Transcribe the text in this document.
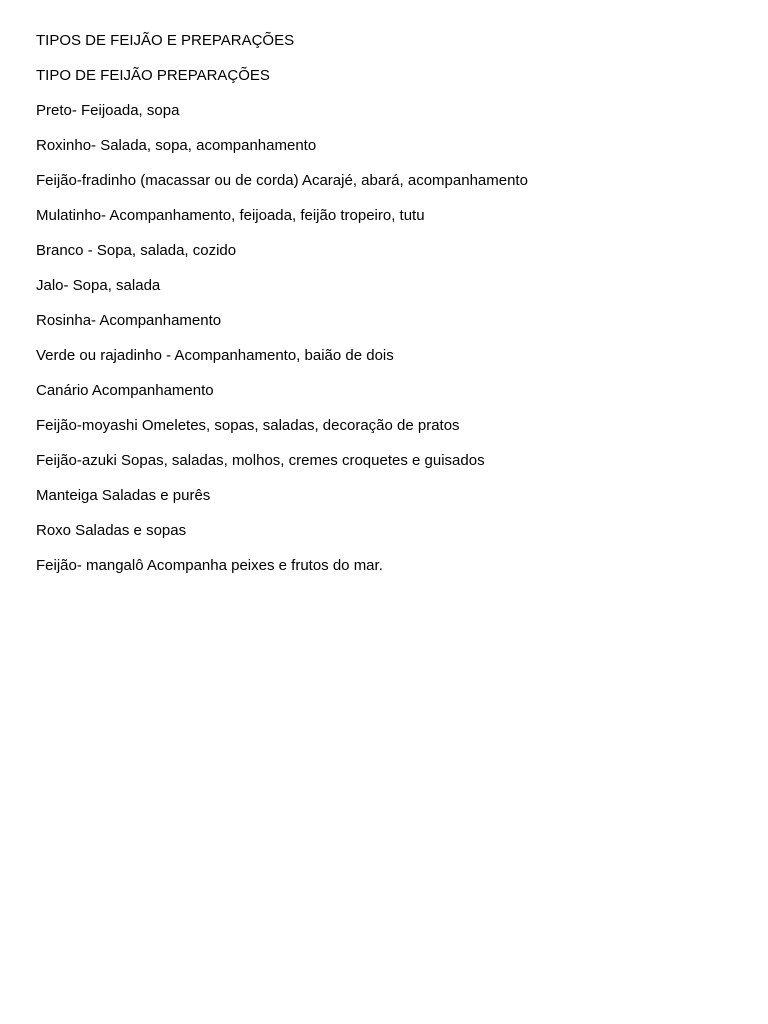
TIPOS DE FEIJÃO E PREPARAÇÕES

TIPO DE FEIJÃO PREPARAÇÕES

Preto- Feijoada, sopa

Roxinho- Salada, sopa, acompanhamento

Feijão-fradinho (macassar ou de corda) Acarajé, abará, acompanhamento

Mulatinho- Acompanhamento, feijoada, feijão tropeiro, tutu

Branco - Sopa, salada, cozido

Jalo- Sopa, salada

Rosinha- Acompanhamento

Verde ou rajadinho - Acompanhamento, baião de dois

Canário Acompanhamento

Feijão-moyashi Omeletes, sopas, saladas, decoração de pratos

Feijão-azuki Sopas, saladas, molhos, cremes croquetes e guisados

Manteiga Saladas e purês

Roxo Saladas e sopas

Feijão- mangalô Acompanha peixes e frutos do mar.
